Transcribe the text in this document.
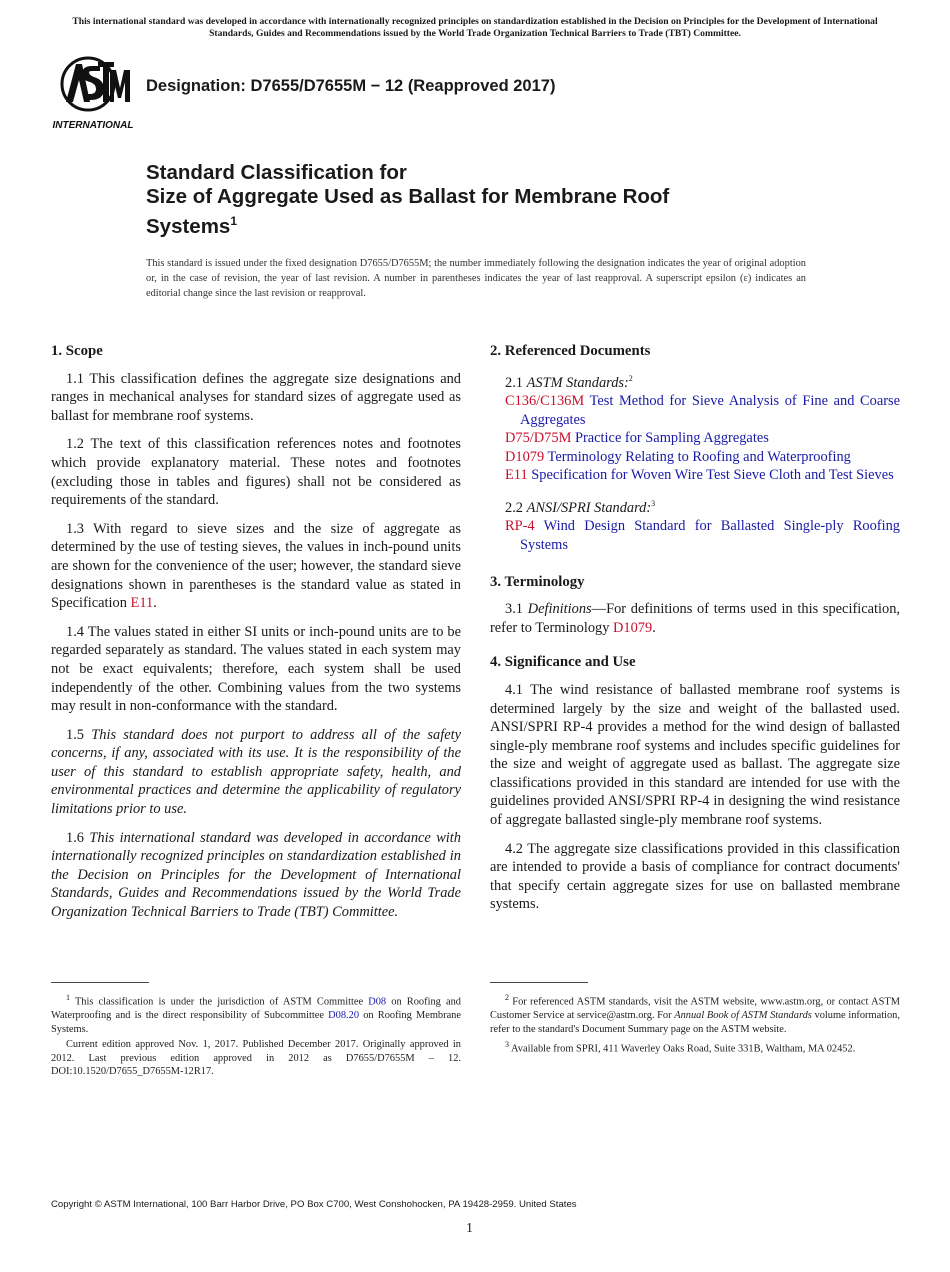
This international standard was developed in accordance with internationally recognized principles on standardization established in the Decision on Principles for the Development of International Standards, Guides and Recommendations issued by the World Trade Organization Technical Barriers to Trade (TBT) Committee.
INTERNATIONAL
Designation: D7655/D7655M − 12 (Reapproved 2017)
Standard Classification for
Size of Aggregate Used as Ballast for Membrane Roof
Systems$^1$
This standard is issued under the fixed designation D7655/D7655M; the number immediately following the designation indicates the year of original adoption or, in the case of revision, the year of last revision. A number in parentheses indicates the year of last reapproval. A superscript epsilon (ε) indicates an editorial change since the last revision or reapproval.
1. Scope

1.1 This classification defines the aggregate size designations and ranges in mechanical analyses for standard sizes of aggregate used as ballast for membrane roof systems.

1.2 The text of this classification references notes and footnotes which provide explanatory material. These notes and footnotes (excluding those in tables and figures) shall not be considered as requirements of the standard.

1.3 With regard to sieve sizes and the size of aggregate as determined by the use of testing sieves, the values in inch-pound units are shown for the convenience of the user; however, the standard sieve designations shown in parentheses is the standard value as stated in Specification E11.

1.4 The values stated in either SI units or inch-pound units are to be regarded separately as standard. The values stated in each system may not be exact equivalents; therefore, each system shall be used independently of the other. Combining values from the two systems may result in non-conformance with the standard.

1.5 This standard does not purport to address all of the safety concerns, if any, associated with its use. It is the responsibility of the user of this standard to establish appropriate safety, health, and environmental practices and determine the applicability of regulatory limitations prior to use.

1.6 This international standard was developed in accordance with internationally recognized principles on standardization established in the Decision on Principles for the Development of International Standards, Guides and Recommendations issued by the World Trade Organization Technical Barriers to Trade (TBT) Committee.

2. Referenced Documents

2.1 ASTM Standards:$^2$

C136/C136M Test Method for Sieve Analysis of Fine and Coarse Aggregates

D75/D75M Practice for Sampling Aggregates

D1079 Terminology Relating to Roofing and Waterproofing

E11 Specification for Woven Wire Test Sieve Cloth and Test Sieves

2.2 ANSI/SPRI Standard:$^3$

RP-4 Wind Design Standard for Ballasted Single-ply Roofing Systems

3. Terminology

3.1 Definitions—For definitions of terms used in this specification, refer to Terminology D1079.

4. Significance and Use

4.1 The wind resistance of ballasted membrane roof systems is determined largely by the size and weight of the ballasted used. ANSI/SPRI RP-4 provides a method for the wind design of ballasted single-ply membrane roof systems and includes specific guidelines for the size and weight of aggregate used as ballast. The aggregate size classifications provided in this standard are intended for use with the guidelines provided ANSI/SPRI RP-4 in designing the wind resistance of aggregate ballasted single-ply membrane roof systems.

4.2 The aggregate size classifications provided in this classification are intended to provide a basis of compliance for contract documents' that specify certain aggregate sizes for use on ballasted membrane systems.

$^1$ This classification is under the jurisdiction of ASTM Committee D08 on Roofing and Waterproofing and is the direct responsibility of Subcommittee D08.20 on Roofing Membrane Systems.

Current edition approved Nov. 1, 2017. Published December 2017. Originally approved in 2012. Last previous edition approved in 2012 as D7655/D7655M – 12. DOI:10.1520/D7655_D7655M-12R17.

$^2$ For referenced ASTM standards, visit the ASTM website, www.astm.org, or contact ASTM Customer Service at service@astm.org. For Annual Book of ASTM Standards volume information, refer to the standard's Document Summary page on the ASTM website.

$^3$ Available from SPRI, 411 Waverley Oaks Road, Suite 331B, Waltham, MA 02452.

Copyright © ASTM International, 100 Barr Harbor Drive, PO Box C700, West Conshohocken, PA 19428-2959. United States
1
